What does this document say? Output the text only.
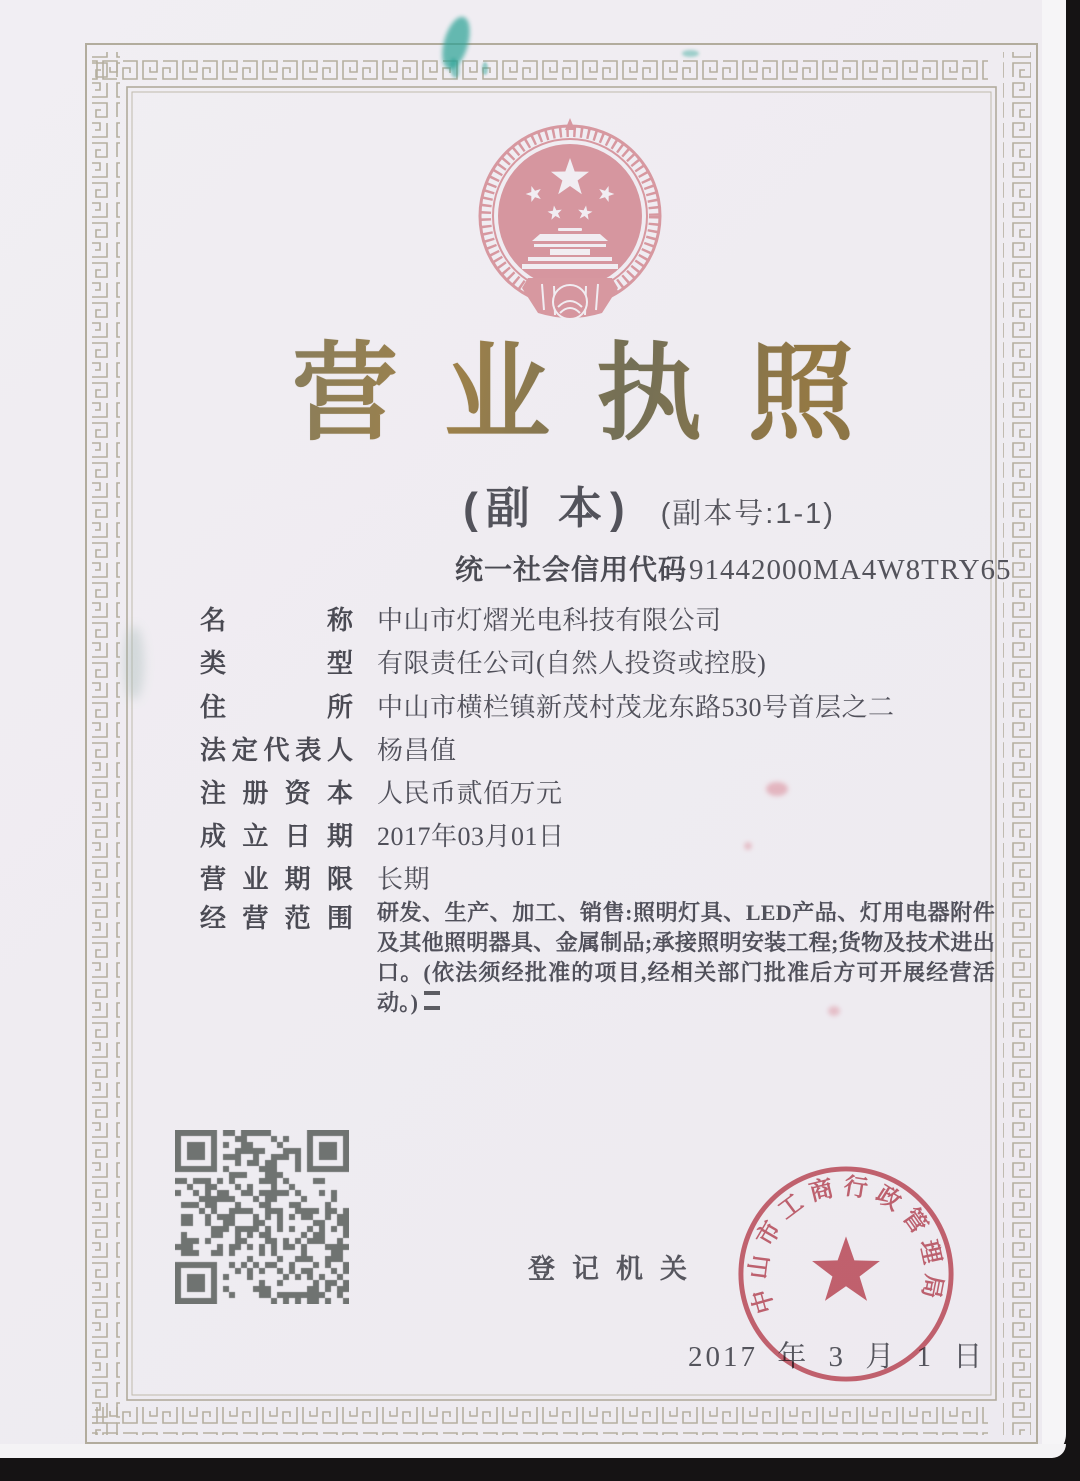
营业执照
(副 本) (副本号:1-1)
统一社会信用代码 91442000MA4W8TRY65
名称 中山市灯熠光电科技有限公司
类型 有限责任公司(自然人投资或控股)
住所 中山市横栏镇新茂村茂龙东路530号首层之二
法定代表人 杨昌值
注册资本 人民币贰佰万元
成立日期 2017年03月01日
营业期限 长期
经营范围 研发、生产、加工、销售:照明灯具、LED产品、灯用电器附件及其他照明器具、金属制品;承接照明安装工程;货物及技术进出口。(依法须经批准的项目,经相关部门批准后方可开展经营活动。)
登记机关
2017 年 3 月 1 日
中山市工商行政管理局
